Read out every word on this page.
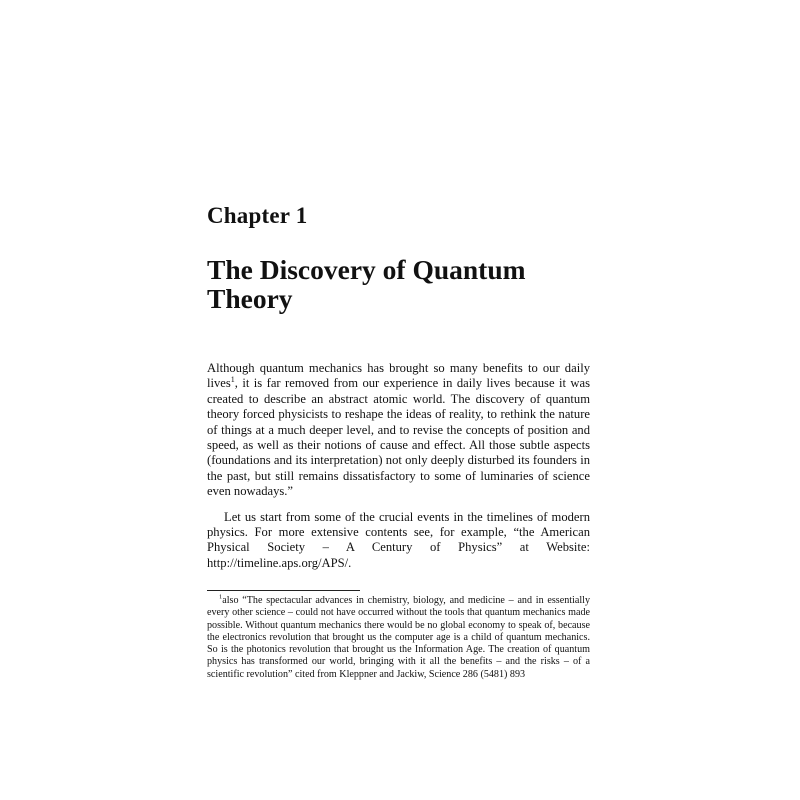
Chapter 1
The Discovery of Quantum Theory

Although quantum mechanics has brought so many benefits to our daily lives$^1$, it is far removed from our experience in daily lives because it was created to describe an abstract atomic world. The discovery of quantum theory forced physicists to reshape the ideas of reality, to rethink the nature of things at a much deeper level, and to revise the concepts of position and speed, as well as their notions of cause and effect. All those subtle aspects (foundations and its interpretation) not only deeply disturbed its founders in the past, but still remains dissatisfactory to some of luminaries of science even nowadays.”

Let us start from some of the crucial events in the timelines of modern physics. For more extensive contents see, for example, “the American Physical Society – A Century of Physics” at Website: http://timeline.aps.org/APS/.

$^1$also “The spectacular advances in chemistry, biology, and medicine – and in essentially every other science – could not have occurred without the tools that quantum mechanics made possible. Without quantum mechanics there would be no global economy to speak of, because the electronics revolution that brought us the computer age is a child of quantum mechanics. So is the photonics revolution that brought us the Information Age. The creation of quantum physics has transformed our world, bringing with it all the benefits – and the risks – of a scientific revolution” cited from Kleppner and Jackiw, Science 286 (5481) 893
